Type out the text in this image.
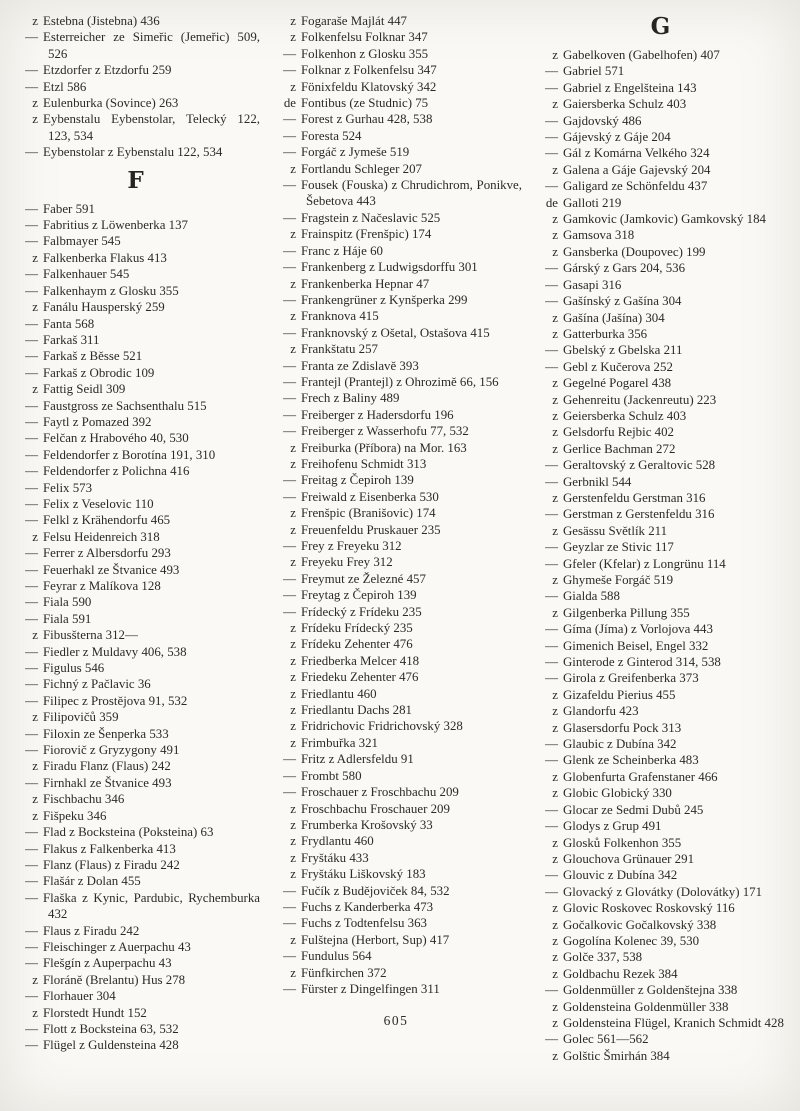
z Estebna (Jistebna) 436
— Esterreicher ze Simeřic (Jemeřic) 509, 526
— Etzdorfer z Etzdorfu 259
— Etzl 586
z Eulenburka (Sovince) 263
z Eybenstalu Eybenstolar, Telecký 122, 123, 534
— Eybenstolar z Eybenstalu 122, 534
F
— Faber 591
— Fabritius z Löwenberka 137
— Falbmayer 545
z Falkenberka Flakus 413
— Falkenhauer 545
— Falkenhaym z Glosku 355
z Fanálu Hausperský 259
— Fanta 568
— Farkaš 311
— Farkaš z Běsse 521
— Farkaš z Obrodic 109
z Fattig Seidl 309
— Faustgross ze Sachsenthalu 515
— Faytl z Pomazed 392
— Felčan z Hrabového 40, 530
— Feldendorfer z Borotína 191, 310
— Feldendorfer z Polichna 416
— Felix 573
— Felix z Veselovic 110
— Felkl z Krähendorfu 465
z Felsu Heidenreich 318
— Ferrer z Albersdorfu 293
— Feuerhakl ze Štvanice 493
— Feyrar z Malíkova 128
— Fiala 590
— Fiala 591
z Fibusšterna 312—
— Fiedler z Muldavy 406, 538
— Figulus 546
— Fichný z Pačlavic 36
— Filipec z Prostějova 91, 532
z Filipovičů 359
— Filoxin ze Šenperka 533
— Fiorovič z Gryzygony 491
z Firadu Flanz (Flaus) 242
— Firnhakl ze Štvanice 493
z Fischbachu 346
z Fišpeku 346
— Flad z Bocksteina (Poksteina) 63
— Flakus z Falkenberka 413
— Flanz (Flaus) z Firadu 242
— Flašár z Dolan 455
— Flaška z Kynic, Pardubic, Rychemburka 432
— Flaus z Firadu 242
— Fleischinger z Auerpachu 43
— Flešgín z Auperpachu 43
z Floráně (Brelantu) Hus 278
— Florhauer 304
z Florstedt Hundt 152
— Flott z Bocksteina 63, 532
— Flügel z Guldensteina 428
z Fogaraše Majlát 447
z Folkenfelsu Folknar 347
— Folkenhon z Glosku 355
— Folknar z Folkenfelsu 347
z Fönixfeldu Klatovský 342
de Fontibus (ze Studnic) 75
— Forest z Gurhau 428, 538
— Foresta 524
— Forgáč z Jymeše 519
z Fortlandu Schleger 207
— Fousek (Fouska) z Chrudichrom, Ponikve, Šebetova 443
— Fragstein z Načeslavic 525
z Frainspitz (Frenšpic) 174
— Franc z Háje 60
— Frankenberg z Ludwigsdorffu 301
z Frankenberka Hepnar 47
— Frankengrüner z Kynšperka 299
z Franknova 415
— Franknovský z Ošetal, Ostašova 415
z Frankštatu 257
— Franta ze Zdislavě 393
— Frantejl (Prantejl) z Ohrozimě 66, 156
— Frech z Baliny 489
— Freiberger z Hadersdorfu 196
— Freiberger z Wasserhofu 77, 532
z Freiburka (Příbora) na Mor. 163
z Freihofenu Schmidt 313
— Freitag z Čepiroh 139
— Freiwald z Eisenberka 530
z Frenšpic (Branišovic) 174
z Freuenfeldu Pruskauer 235
— Frey z Freyeku 312
z Freyeku Frey 312
— Freymut ze Železné 457
— Freytag z Čepiroh 139
— Frídecký z Frídeku 235
z Frídeku Frídecký 235
z Frídeku Zehenter 476
z Friedberka Melcer 418
z Friedeku Zehenter 476
z Friedlantu 460
z Friedlantu Dachs 281
z Fridrichovic Fridrichovský 328
z Frimbuřka 321
— Fritz z Adlersfeldu 91
— Frombt 580
— Froschauer z Froschbachu 209
z Froschbachu Froschauer 209
z Frumberka Krošovský 33
z Frydlantu 460
z Fryštáku 433
z Fryštáku Liškovský 183
— Fučík z Budějoviček 84, 532
— Fuchs z Kanderberka 473
— Fuchs z Todtenfelsu 363
z Fulštejna (Herbort, Sup) 417
— Fundulus 564
z Fünfkirchen 372
— Fürster z Dingelfingen 311
605
G
z Gabelkoven (Gabelhofen) 407
— Gabriel 571
— Gabriel z Engelšteina 143
z Gaiersberka Schulz 403
— Gajdovský 486
— Gájevský z Gáje 204
— Gál z Komárna Velkého 324
z Galena a Gáje Gajevský 204
— Galigard ze Schönfeldu 437
de Galloti 219
z Gamkovic (Jamkovic) Gamkovský 184
z Gamsova 318
z Gansberka (Doupovec) 199
— Gárský z Gars 204, 536
— Gasapi 316
— Gašínský z Gašína 304
z Gašína (Jašína) 304
z Gatterburka 356
— Gbelský z Gbelska 211
— Gebl z Kučerova 252
z Gegelné Pogarel 438
z Gehenreitu (Jackenreutu) 223
z Geiersberka Schulz 403
z Gelsdorfu Rejbic 402
z Gerlice Bachman 272
— Geraltovský z Geraltovic 528
— Gerbnikl 544
z Gerstenfeldu Gerstman 316
— Gerstman z Gerstenfeldu 316
z Gesässu Světlík 211
— Geyzlar ze Stivic 117
— Gfeler (Kfelar) z Longrünu 114
z Ghymeše Forgáč 519
— Gialda 588
z Gilgenberka Pillung 355
— Gíma (Jíma) z Vorlojova 443
— Gimenich Beisel, Engel 332
— Ginterode z Ginterod 314, 538
— Girola z Greifenberka 373
z Gizafeldu Pierius 455
z Glandorfu 423
z Glasersdorfu Pock 313
— Glaubic z Dubína 342
— Glenk ze Scheinberka 483
z Globenfurta Grafenstaner 466
z Globic Globický 330
— Glocar ze Sedmi Dubů 245
— Glodys z Grup 491
z Glosků Folkenhon 355
z Glouchova Grünauer 291
— Glouvic z Dubína 342
— Glovacký z Glovátky (Dolovátky) 171
z Glovic Roskovec Roskovský 116
z Gočalkovic Gočalkovský 338
z Gogolína Kolenec 39, 530
z Golče 337, 538
z Goldbachu Rezek 384
— Goldenmüller z Goldenštejna 338
z Goldensteina Goldenmüller 338
z Goldensteina Flügel, Kranich Schmidt 428
— Golec 561—562
z Golštic Šmirhán 384
